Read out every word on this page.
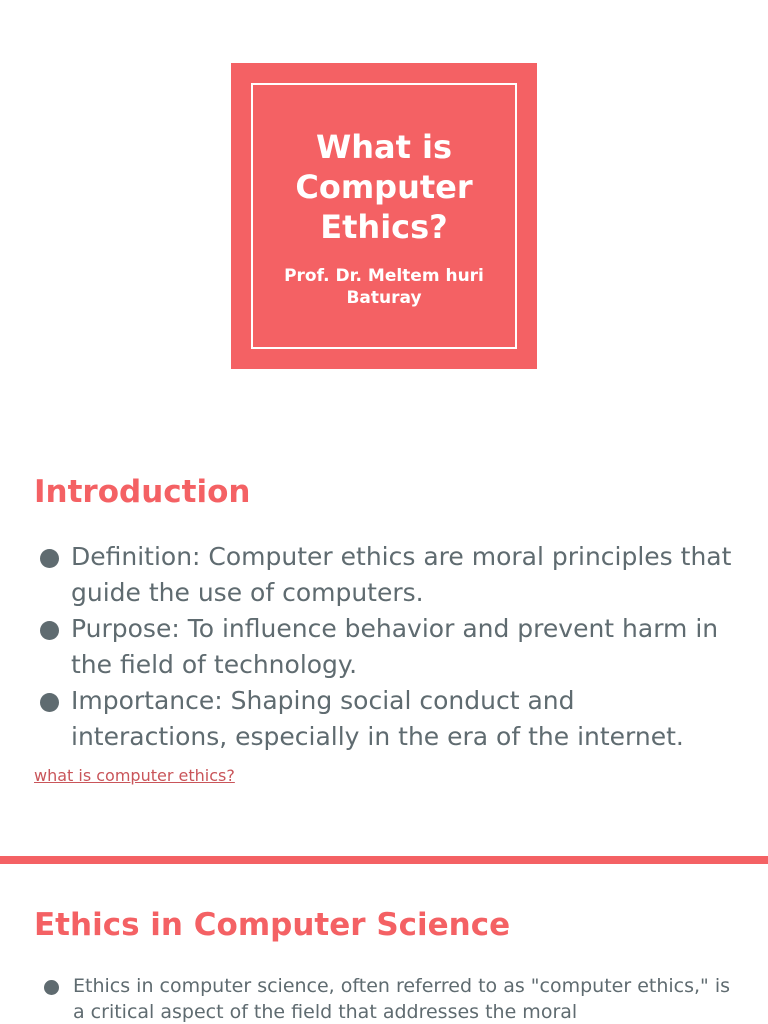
What is Computer Ethics?
Prof. Dr. Meltem huri Baturay
Introduction
Definition: Computer ethics are moral principles that guide the use of computers.
Purpose: To influence behavior and prevent harm in the field of technology.
Importance: Shaping social conduct and interactions, especially in the era of the internet.
what is computer ethics?
Ethics in Computer Science
Ethics in computer science, often referred to as "computer ethics," is a critical aspect of the field that addresses the moral
